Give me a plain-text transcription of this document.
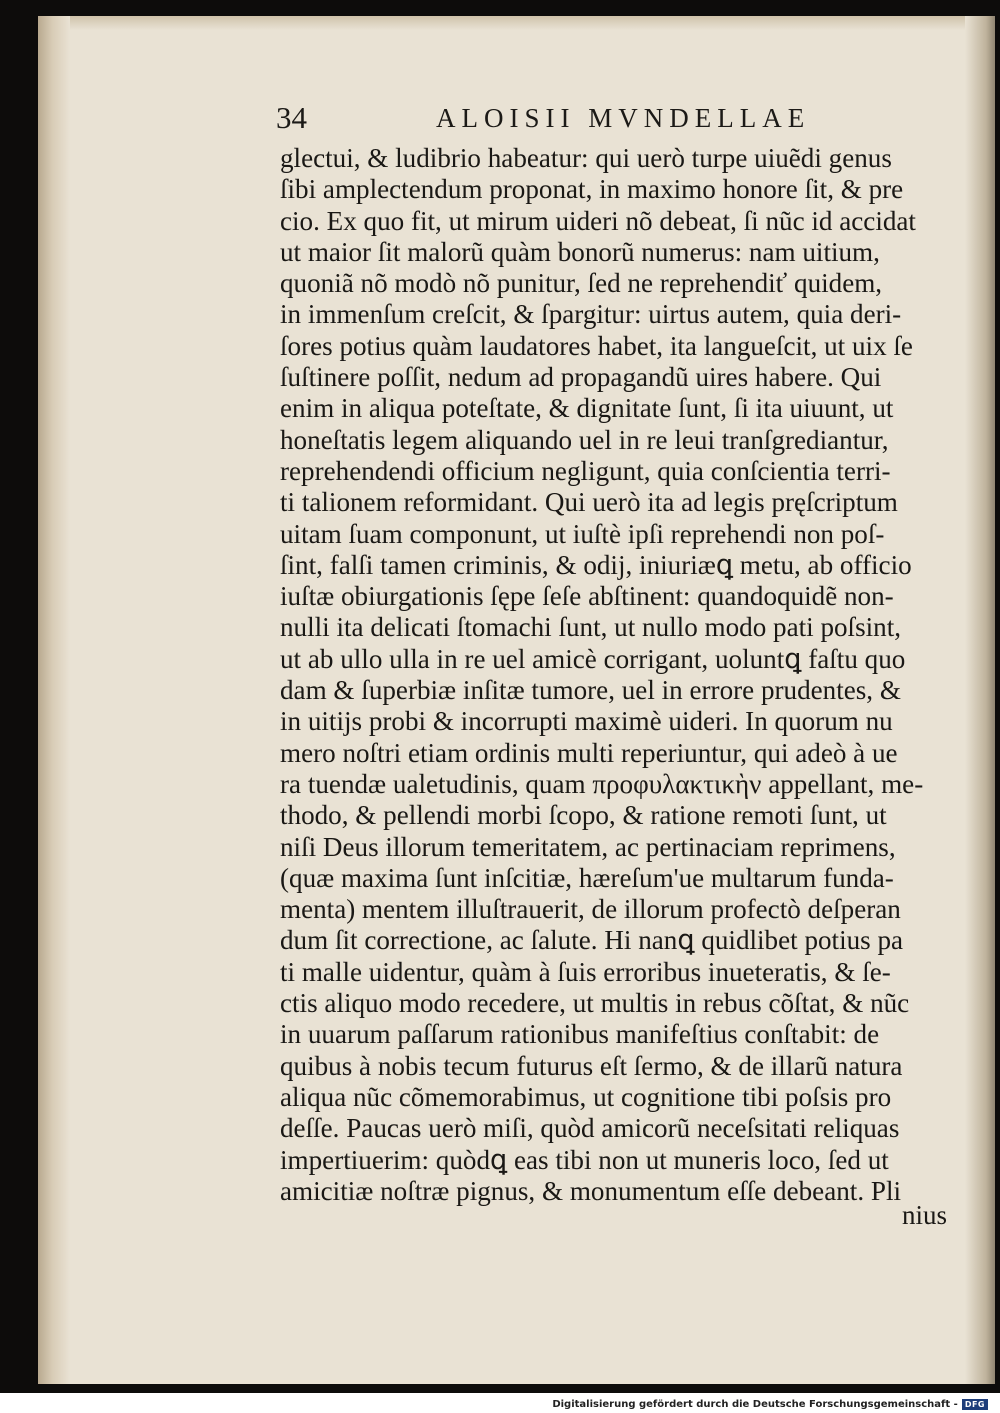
34	ALOISII MVNDELLAE
glectui, & ludibrio habeatur: qui uerò turpe uiuẽdi genus
ſibi amplectendum proponat, in maximo honore ſit, & pre
cio. Ex quo fit, ut mirum uideri nõ debeat, ſi nũc id accidat
ut maior ſit malorũ quàm bonorũ numerus: nam uitium,
quoniã nõ modò nõ punitur, ſed ne reprehendiť quidem,
in immenſum creſcit, & ſpargitur: uirtus autem, quia deri-
ſores potius quàm laudatores habet, ita langueſcit, ut uix ſe
ſuſtinere poſſit, nedum ad propagandũ uires habere. Qui
enim in aliqua poteſtate, & dignitate ſunt, ſi ita uiuunt, ut
honeſtatis legem aliquando uel in re leui tranſgrediantur,
reprehendendi officium negligunt, quia conſcientia terri-
ti talionem reformidant. Qui uerò ita ad legis pręſcriptum
uitam ſuam componunt, ut iuſtè ipſi reprehendi non poſ-
ſint, falſi tamen criminis, & odij, iniuriæꝗ metu, ab officio
iuſtæ obiurgationis ſępe ſeſe abſtinent: quandoquidẽ non-
nulli ita delicati ſtomachi ſunt, ut nullo modo pati poſsint,
ut ab ullo ulla in re uel amicè corrigant, uoluntꝗ faſtu quo
dam & ſuperbiæ inſitæ tumore, uel in errore prudentes, &
in uitijs probi & incorrupti maximè uideri. In quorum nu
mero noſtri etiam ordinis multi reperiuntur, qui adeò à ue
ra tuendæ ualetudinis, quam προφυλακτικὴν appellant, me-
thodo, & pellendi morbi ſcopo, & ratione remoti ſunt, ut
niſi Deus illorum temeritatem, ac pertinaciam reprimens,
(quæ maxima ſunt inſcitiæ, hæreſum'ue multarum funda-
menta) mentem illuſtrauerit, de illorum profectò deſperan
dum ſit correctione, ac ſalute. Hi nanꝗ quidlibet potius pa
ti malle uidentur, quàm à ſuis erroribus inueteratis, & ſe-
ctis aliquo modo recedere, ut multis in rebus cõſtat, & nũc
in uuarum paſſarum rationibus manifeſtius conſtabit: de
quibus à nobis tecum futurus eſt ſermo, & de illarũ natura
aliqua nũc cõmemorabimus, ut cognitione tibi poſsis pro
deſſe. Paucas uerò miſi, quòd amicorũ neceſsitati reliquas
impertiuerim: quòdꝗ eas tibi non ut muneris loco, ſed ut
amicitiæ noſtræ pignus, & monumentum eſſe debeant. Pli
nius
Digitalisierung gefördert durch die Deutsche Forschungsgemeinschaft - DFG
